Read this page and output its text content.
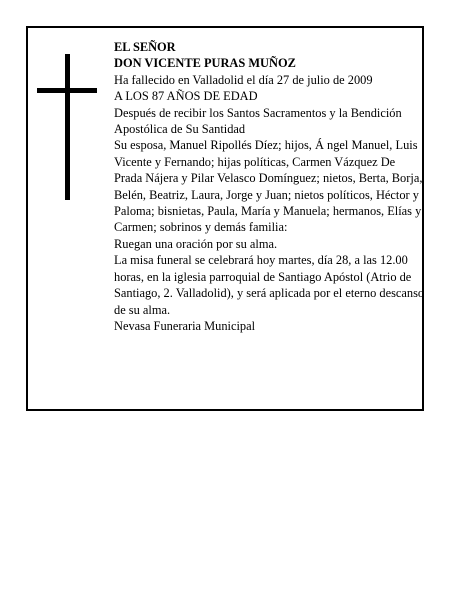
EL SEÑOR

DON VICENTE PURAS MUÑOZ

Ha fallecido en Valladolid el día 27 de julio de 2009

A LOS 87 AÑOS DE EDAD

Después de recibir los Santos Sacramentos y la Bendición Apostólica de Su Santidad

Su esposa, Manuel Ripollés Díez; hijos, Á ngel Manuel, Luis Vicente y Fernando; hijas políticas, Carmen Vázquez De Prada Nájera y Pilar Velasco Domínguez; nietos, Berta, Borja, Belén, Beatriz, Laura, Jorge y Juan; nietos políticos, Héctor y Paloma; bisnietas, Paula, María y Manuela; hermanos, Elías y Carmen; sobrinos y demás familia:

Ruegan una oración por su alma.

La misa funeral se celebrará hoy martes, día 28, a las 12.00 horas, en la iglesia parroquial de Santiago Apóstol (Atrio de Santiago, 2. Valladolid), y será aplicada por el eterno descanso de su alma.

Nevasa Funeraria Municipal
